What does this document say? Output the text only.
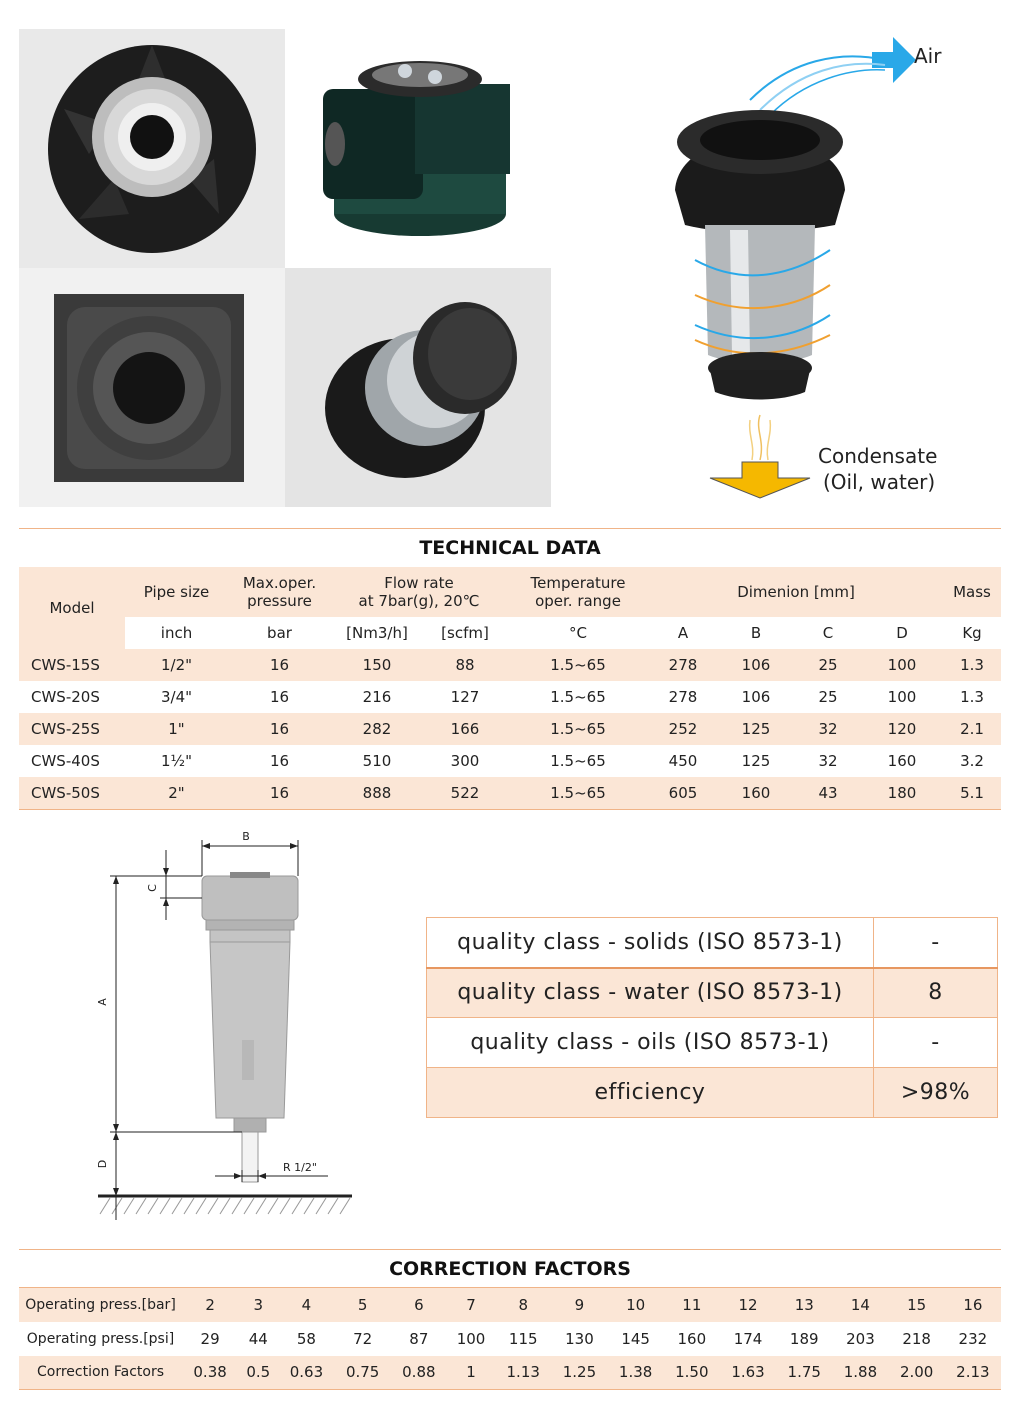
Air
Condensate
(Oil, water)
TECHNICAL DATA
Model	Pipe size	Max.oper.
pressure	Flow rate
at 7bar(g), 20℃		Temperature
oper. range	Dimenion [mm]				Mass
	inch	bar	[Nm3/h]	[scfm]	°C	A	B	C	D	Kg
CWS-15S	1/2"	16	150	88	1.5~65	278	106	25	100	1.3
CWS-20S	3/4"	16	216	127	1.5~65	278	106	25	100	1.3
CWS-25S	1"	16	282	166	1.5~65	252	125	32	120	2.1
CWS-40S	1½"	16	510	300	1.5~65	450	125	32	160	3.2
CWS-50S	2"	16	888	522	1.5~65	605	160	43	180	5.1
B
C
A
D	R 1/2"
quality class - solids (ISO 8573-1)	-
quality class - water (ISO 8573-1)	8
quality class - oils (ISO 8573-1)	-
efficiency	>98%
CORRECTION FACTORS
Operating press.[bar]	2	3	4	5	6	7	8	9	10	11	12	13	14	15	16
Operating press.[psi]	29	44	58	72	87	100	115	130	145	160	174	189	203	218	232
Correction Factors	0.38	0.5	0.63	0.75	0.88	1	1.13	1.25	1.38	1.50	1.63	1.75	1.88	2.00	2.13
